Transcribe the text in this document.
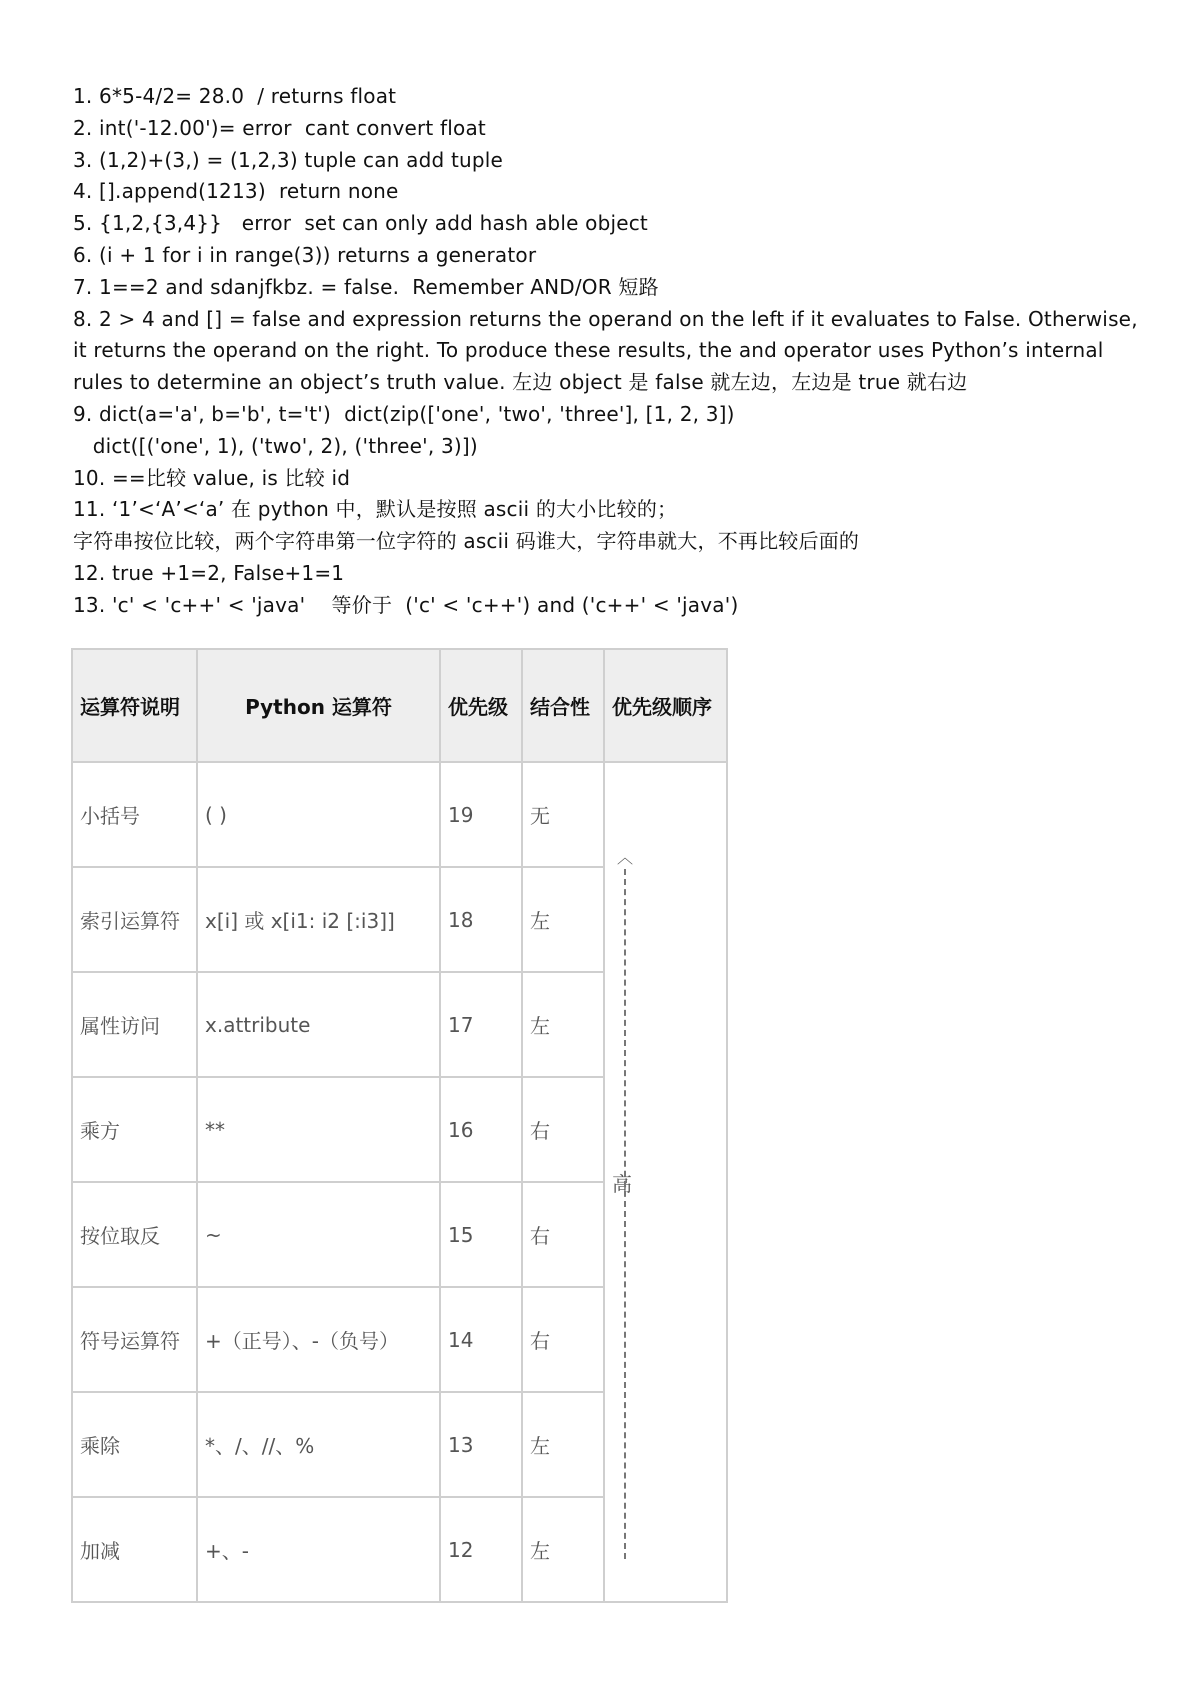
1. 6*5-4/2= 28.0  / returns float
2. int('-12.00')= error  cant convert float
3. (1,2)+(3,) = (1,2,3) tuple can add tuple
4. [].append(1213)  return none
5. {1,2,{3,4}}   error  set can only add hash able object
6. (i + 1 for i in range(3)) returns a generator
7. 1==2 and sdanjfkbz. = false.  Remember AND/OR 短路
8. 2 > 4 and [] = false and expression returns the operand on the left if it evaluates to False. Otherwise, it returns the operand on the right. To produce these results, the and operator uses Python’s internal rules to determine an object’s truth value. 左边 object 是 false 就左边，左边是 true 就右边
9. dict(a='a', b='b', t='t')  dict(zip(['one', 'two', 'three'], [1, 2, 3])
dict([('one', 1), ('two', 2), ('three', 3)])
10. ==比较 value, is 比较 id
11. ‘1’<‘A’<‘a’ 在 python 中，默认是按照 ascii 的大小比较的；
字符串按位比较，两个字符串第一位字符的 ascii 码谁大，字符串就大，不再比较后面的
12. true +1=2, False+1=1
13. 'c' < 'c++' < 'java'    等价于  ('c' < 'c++') and ('c++' < 'java')
运算符说明	Python 运算符	优先级	结合性	优先级顺序
小括号	( )	19	无	高
︿

索引运算符	x[i] 或 x[i1: i2 [:i3]]	18	左	
属性访问	x.attribute	17	左	
乘方	**	16	右	
按位取反	~	15	右	
符号运算符	+（正号）、-（负号）	14	右	
乘除	*、/、//、%	13	左	
加减	+、-	12	左	
